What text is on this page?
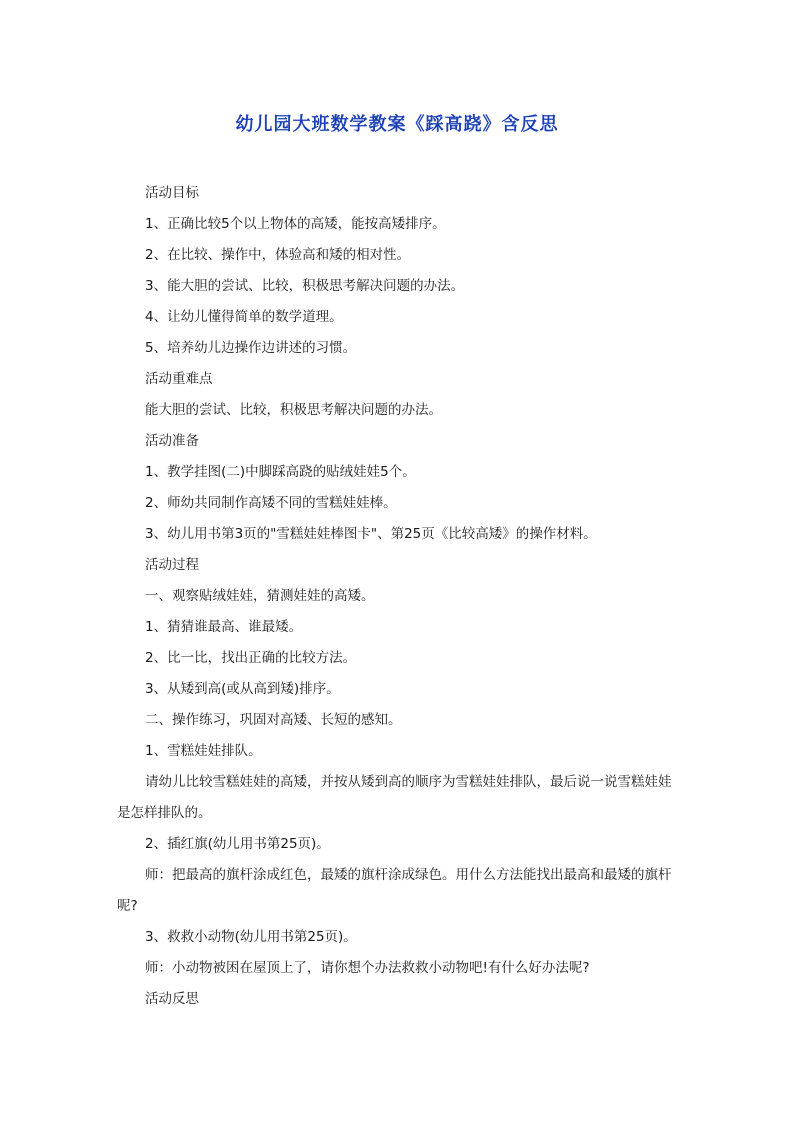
幼儿园大班数学教案《踩高跷》含反思

活动目标

1、正确比较5个以上物体的高矮，能按高矮排序。

2、在比较、操作中，体验高和矮的相对性。

3、能大胆的尝试、比较，积极思考解决问题的办法。

4、让幼儿懂得简单的数学道理。

5、培养幼儿边操作边讲述的习惯。

活动重难点

能大胆的尝试、比较，积极思考解决问题的办法。

活动准备

1、教学挂图(二)中脚踩高跷的贴绒娃娃5个。

2、师幼共同制作高矮不同的雪糕娃娃棒。

3、幼儿用书第3页的"雪糕娃娃棒图卡"、第25页《比较高矮》的操作材料。

活动过程

一、观察贴绒娃娃，猜测娃娃的高矮。

1、猜猜谁最高、谁最矮。

2、比一比，找出正确的比较方法。

3、从矮到高(或从高到矮)排序。

二、操作练习，巩固对高矮、长短的感知。

1、雪糕娃娃排队。

请幼儿比较雪糕娃娃的高矮，并按从矮到高的顺序为雪糕娃娃排队，最后说一说雪糕娃娃是怎样排队的。

2、插红旗(幼儿用书第25页)。

师：把最高的旗杆涂成红色，最矮的旗杆涂成绿色。用什么方法能找出最高和最矮的旗杆呢?

3、救救小动物(幼儿用书第25页)。

师：小动物被困在屋顶上了，请你想个办法救救小动物吧!有什么好办法呢?

活动反思
